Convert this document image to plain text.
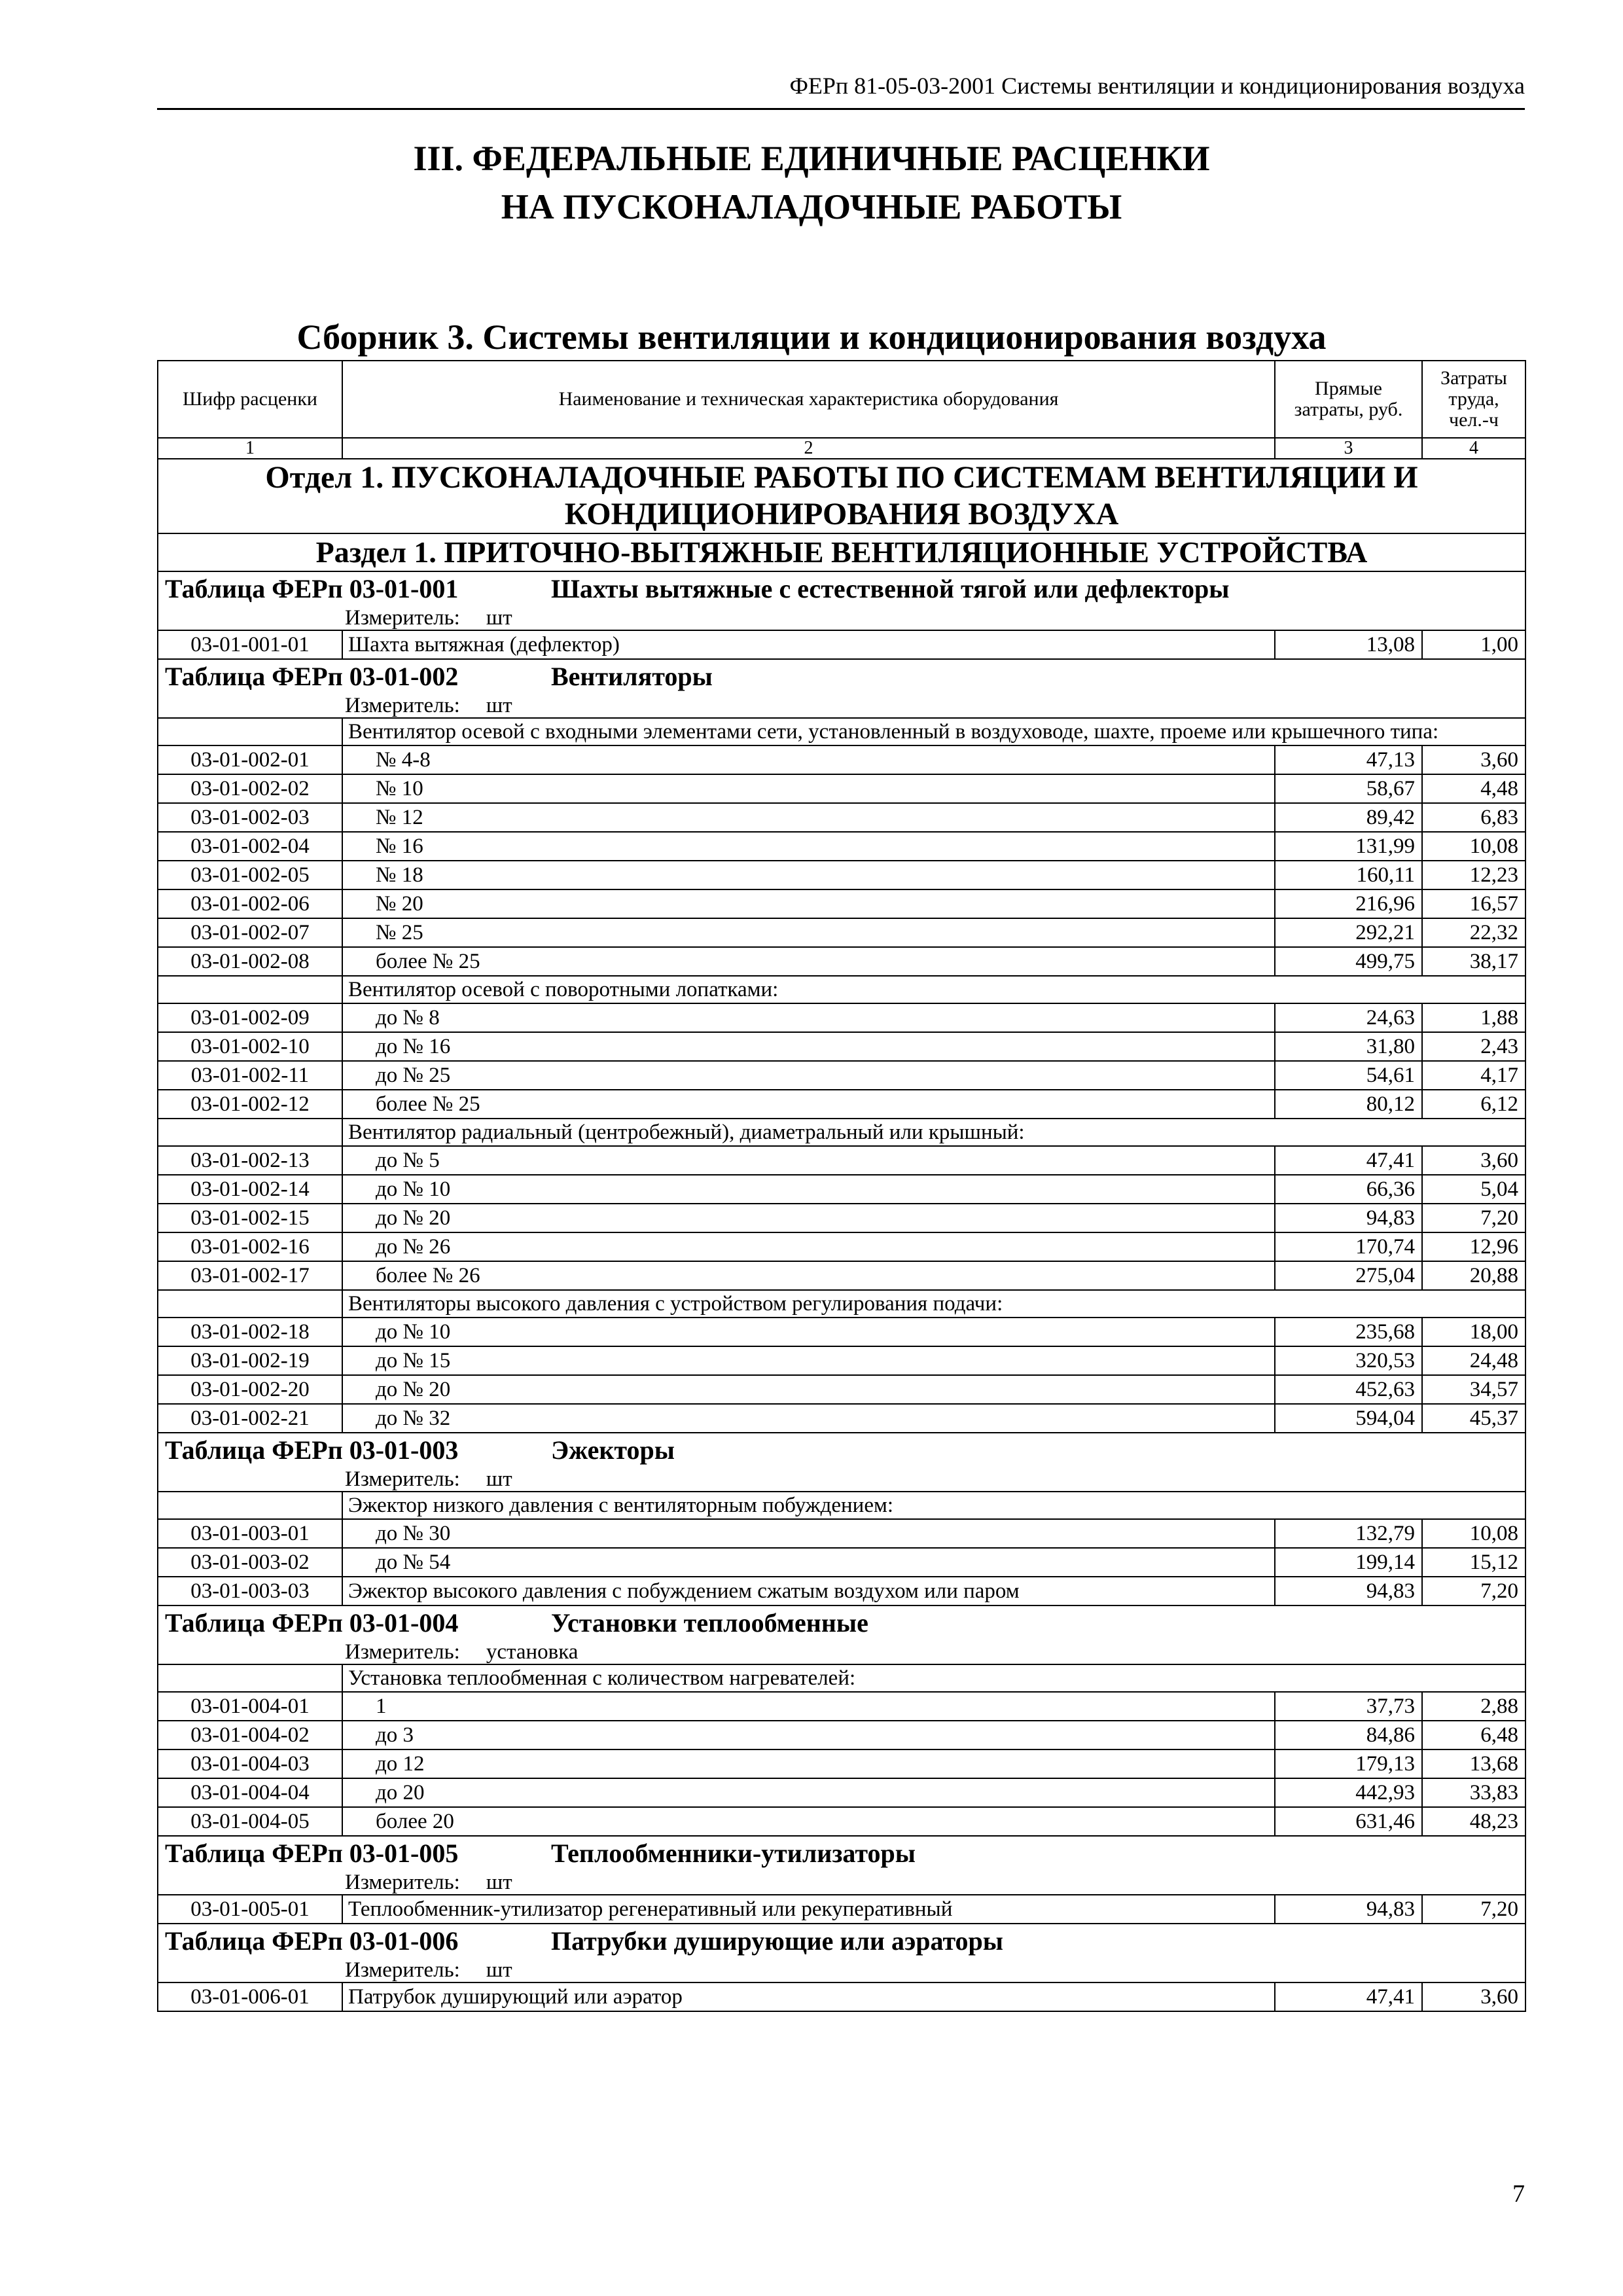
ФЕРп 81-05-03-2001 Системы вентиляции и кондиционирования воздуха
III. ФЕДЕРАЛЬНЫЕ ЕДИНИЧНЫЕ РАСЦЕНКИ
НА ПУСКОНАЛАДОЧНЫЕ РАБОТЫ
Сборник 3. Системы вентиляции и кондиционирования воздуха
Шифр расценки	Наименование и техническая характеристика оборудования	Прямые затраты, руб.	Затраты труда, чел.-ч
1	2	3	4
Отдел 1. ПУСКОНАЛАДОЧНЫЕ РАБОТЫ ПО СИСТЕМАМ ВЕНТИЛЯЦИИ И КОНДИЦИОНИРОВАНИЯ ВОЗДУХА			
Раздел 1. ПРИТОЧНО-ВЫТЯЖНЫЕ ВЕНТИЛЯЦИОННЫЕ УСТРОЙСТВА			
Таблица ФЕРп 03-01-001 Шахты вытяжные с естественной тягой или дефлекторы			
Измеритель: шт			
03-01-001-01	Шахта вытяжная (дефлектор)	13,08	1,00
Таблица ФЕРп 03-01-002 Вентиляторы			
Измеритель: шт			
	Вентилятор осевой с входными элементами сети, установленный в воздуховоде, шахте, проеме или крышечного типа:		
03-01-002-01	№ 4-8	47,13	3,60
03-01-002-02	№ 10	58,67	4,48
03-01-002-03	№ 12	89,42	6,83
03-01-002-04	№ 16	131,99	10,08
03-01-002-05	№ 18	160,11	12,23
03-01-002-06	№ 20	216,96	16,57
03-01-002-07	№ 25	292,21	22,32
03-01-002-08	более № 25	499,75	38,17
	Вентилятор осевой с поворотными лопатками:		
03-01-002-09	до № 8	24,63	1,88
03-01-002-10	до № 16	31,80	2,43
03-01-002-11	до № 25	54,61	4,17
03-01-002-12	более № 25	80,12	6,12
	Вентилятор радиальный (центробежный), диаметральный или крышный:		
03-01-002-13	до № 5	47,41	3,60
03-01-002-14	до № 10	66,36	5,04
03-01-002-15	до № 20	94,83	7,20
03-01-002-16	до № 26	170,74	12,96
03-01-002-17	более № 26	275,04	20,88
	Вентиляторы высокого давления с устройством регулирования подачи:		
03-01-002-18	до № 10	235,68	18,00
03-01-002-19	до № 15	320,53	24,48
03-01-002-20	до № 20	452,63	34,57
03-01-002-21	до № 32	594,04	45,37
Таблица ФЕРп 03-01-003 Эжекторы			
Измеритель: шт			
	Эжектор низкого давления с вентиляторным побуждением:		
03-01-003-01	до № 30	132,79	10,08
03-01-003-02	до № 54	199,14	15,12
03-01-003-03	Эжектор высокого давления с побуждением сжатым воздухом или паром	94,83	7,20
Таблица ФЕРп 03-01-004 Установки теплообменные			
Измеритель: установка			
	Установка теплообменная с количеством нагревателей:		
03-01-004-01	1	37,73	2,88
03-01-004-02	до 3	84,86	6,48
03-01-004-03	до 12	179,13	13,68
03-01-004-04	до 20	442,93	33,83
03-01-004-05	более 20	631,46	48,23
Таблица ФЕРп 03-01-005 Теплообменники-утилизаторы			
Измеритель: шт			
03-01-005-01	Теплообменник-утилизатор регенеративный или рекуперативный	94,83	7,20
Таблица ФЕРп 03-01-006 Патрубки душирующие или аэраторы			
Измеритель: шт			
03-01-006-01	Патрубок душирующий или аэратор	47,41	3,60
7
